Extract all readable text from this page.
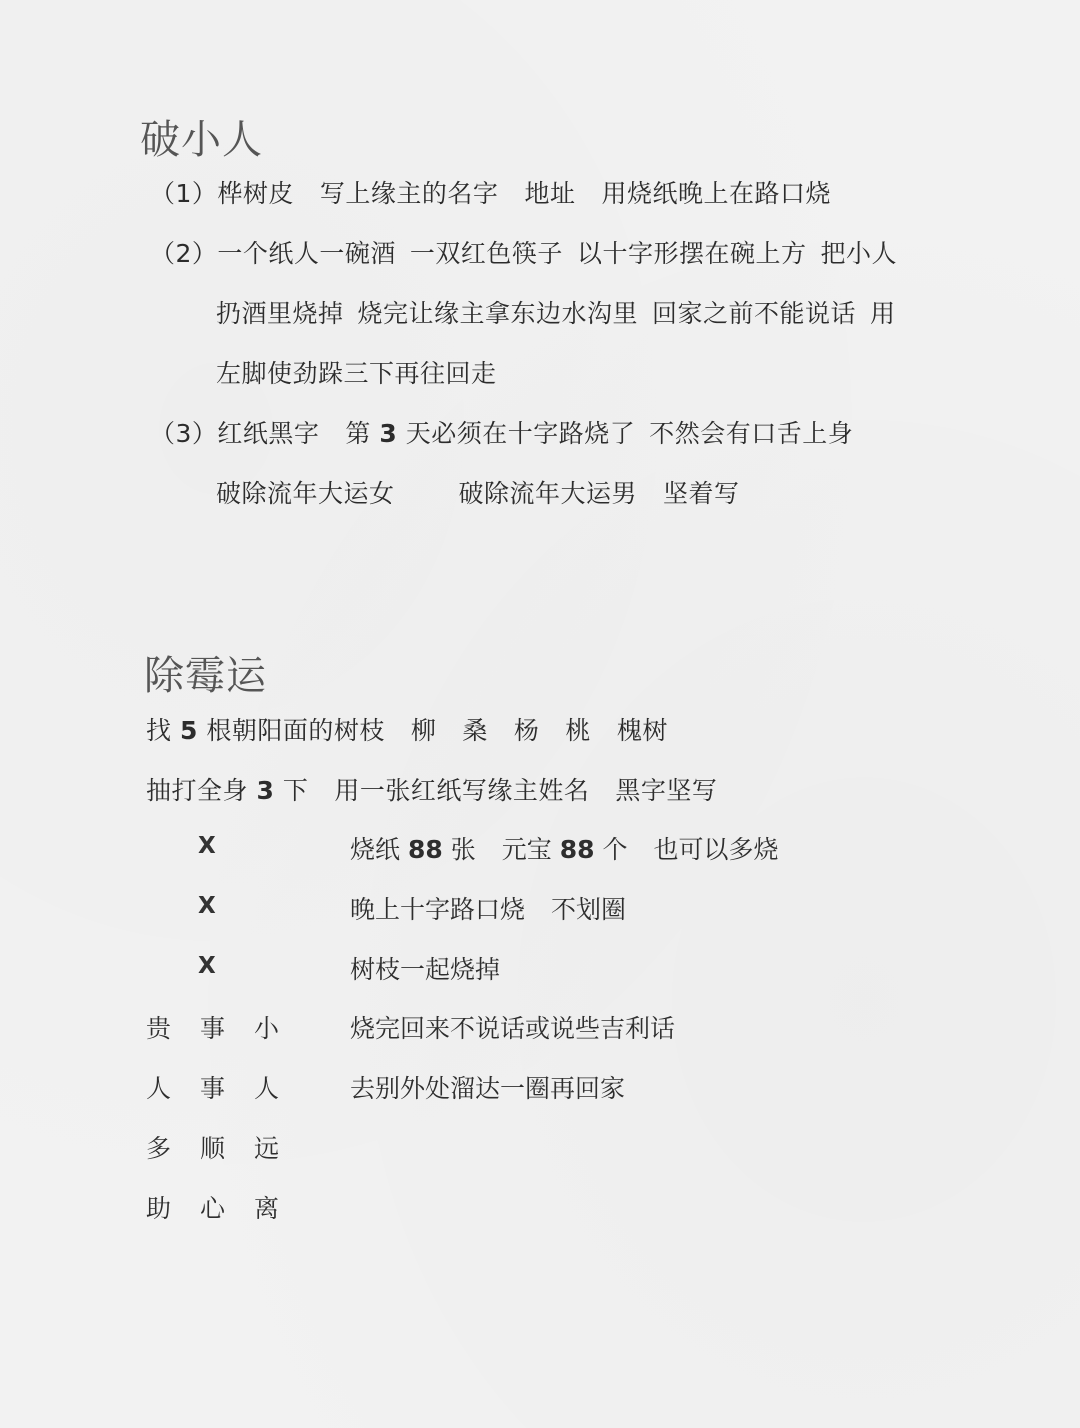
破小人
（1）桦树皮 写上缘主的名字 地址 用烧纸晚上在路口烧
（2）一个纸人一碗酒 一双红色筷子 以十字形摆在碗上方 把小人
扔酒里烧掉 烧完让缘主拿东边水沟里 回家之前不能说话 用
左脚使劲跺三下再往回走
（3）红纸黑字 第 3 天必须在十字路烧了 不然会有口舌上身
破除流年大运女	破除流年大运男 坚着写
除霉运
找 5 根朝阳面的树枝 柳 桑 杨 桃 槐树
抽打全身 3 下 用一张红纸写缘主姓名 黑字坚写
X	烧纸 88 张 元宝 88 个 也可以多烧
X	晚上十字路口烧 不划圈
X	树枝一起烧掉
贵 事 小	烧完回来不说话或说些吉利话
人 事 人	去别外处溜达一圈再回家
多 顺 远
助 心 离
